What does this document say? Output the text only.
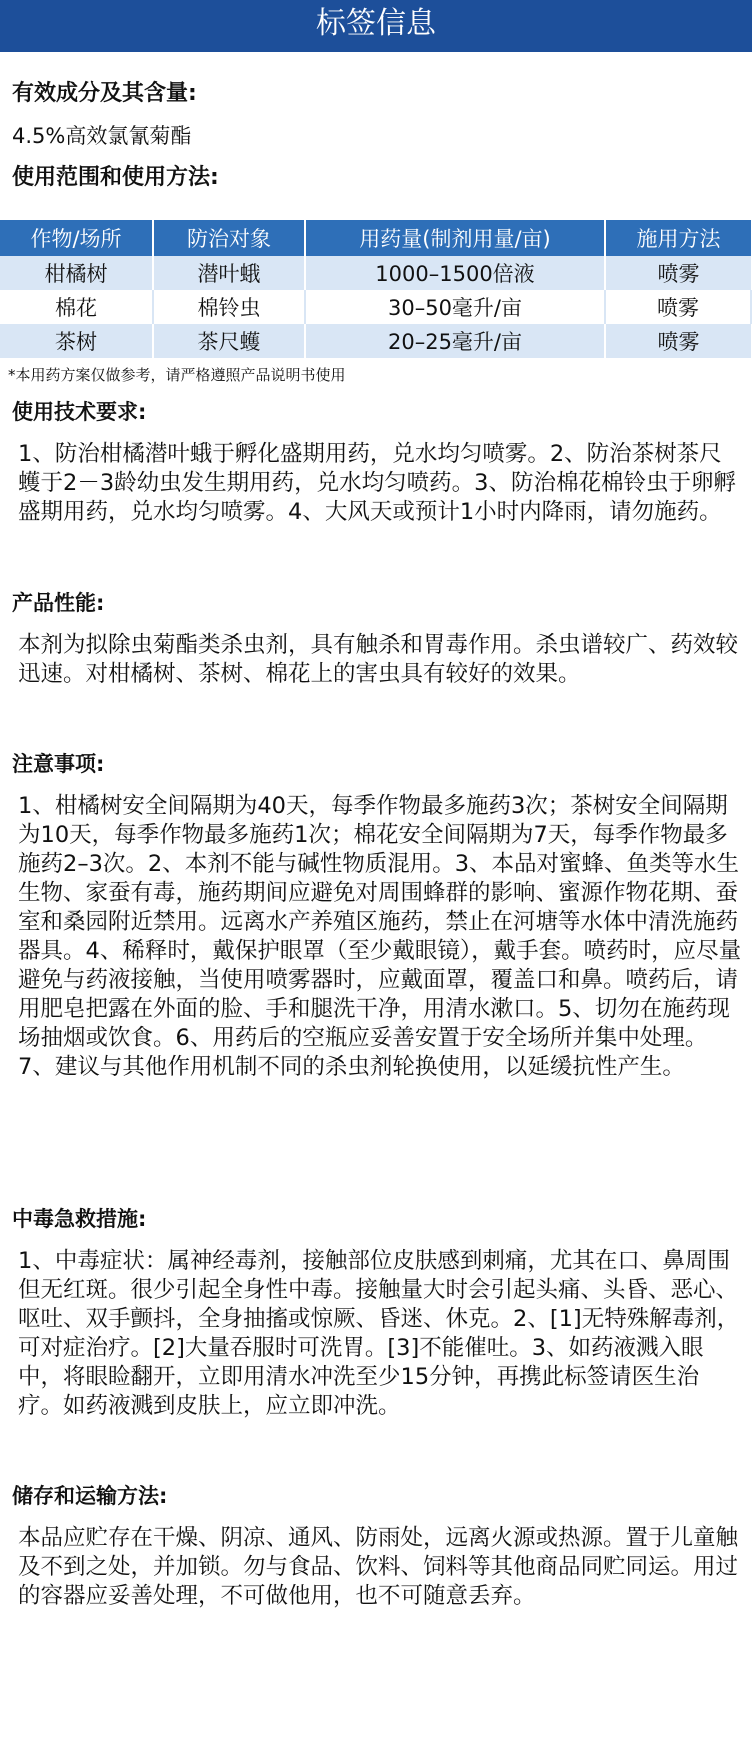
标签信息
有效成分及其含量:
4.5%高效氯氰菊酯
使用范围和使用方法:
作物/场所	防治对象	用药量(制剂用量/亩)	施用方法
柑橘树	潜叶蛾	1000–1500倍液	喷雾
棉花	棉铃虫	30–50毫升/亩	喷雾
茶树	茶尺蠖	20–25毫升/亩	喷雾
*本用药方案仅做参考，请严格遵照产品说明书使用
使用技术要求:
1、防治柑橘潜叶蛾于孵化盛期用药，兑水均匀喷雾。2、防治茶树茶尺蠖于2－3龄幼虫发生期用药，兑水均匀喷药。3、防治棉花棉铃虫于卵孵盛期用药，兑水均匀喷雾。4、大风天或预计1小时内降雨，请勿施药。
产品性能:
本剂为拟除虫菊酯类杀虫剂，具有触杀和胃毒作用。杀虫谱较广、药效较迅速。对柑橘树、茶树、棉花上的害虫具有较好的效果。
注意事项:
1、柑橘树安全间隔期为40天，每季作物最多施药3次；茶树安全间隔期为10天，每季作物最多施药1次；棉花安全间隔期为7天，每季作物最多施药2–3次。2、本剂不能与碱性物质混用。3、本品对蜜蜂、鱼类等水生生物、家蚕有毒，施药期间应避免对周围蜂群的影响、蜜源作物花期、蚕室和桑园附近禁用。远离水产养殖区施药，禁止在河塘等水体中清洗施药器具。4、稀释时，戴保护眼罩（至少戴眼镜），戴手套。喷药时，应尽量避免与药液接触，当使用喷雾器时，应戴面罩，覆盖口和鼻。喷药后，请用肥皂把露在外面的脸、手和腿洗干净，用清水漱口。5、切勿在施药现场抽烟或饮食。6、用药后的空瓶应妥善安置于安全场所并集中处理。7、建议与其他作用机制不同的杀虫剂轮换使用，以延缓抗性产生。
中毒急救措施:
1、中毒症状：属神经毒剂，接触部位皮肤感到刺痛，尤其在口、鼻周围但无红斑。很少引起全身性中毒。接触量大时会引起头痛、头昏、恶心、呕吐、双手颤抖，全身抽搐或惊厥、昏迷、休克。2、[1]无特殊解毒剂，可对症治疗。[2]大量吞服时可洗胃。[3]不能催吐。3、如药液溅入眼中，将眼睑翻开，立即用清水冲洗至少15分钟，再携此标签请医生治疗。如药液溅到皮肤上，应立即冲洗。
储存和运输方法:
本品应贮存在干燥、阴凉、通风、防雨处，远离火源或热源。置于儿童触及不到之处，并加锁。勿与食品、饮料、饲料等其他商品同贮同运。用过的容器应妥善处理，不可做他用，也不可随意丢弃。
